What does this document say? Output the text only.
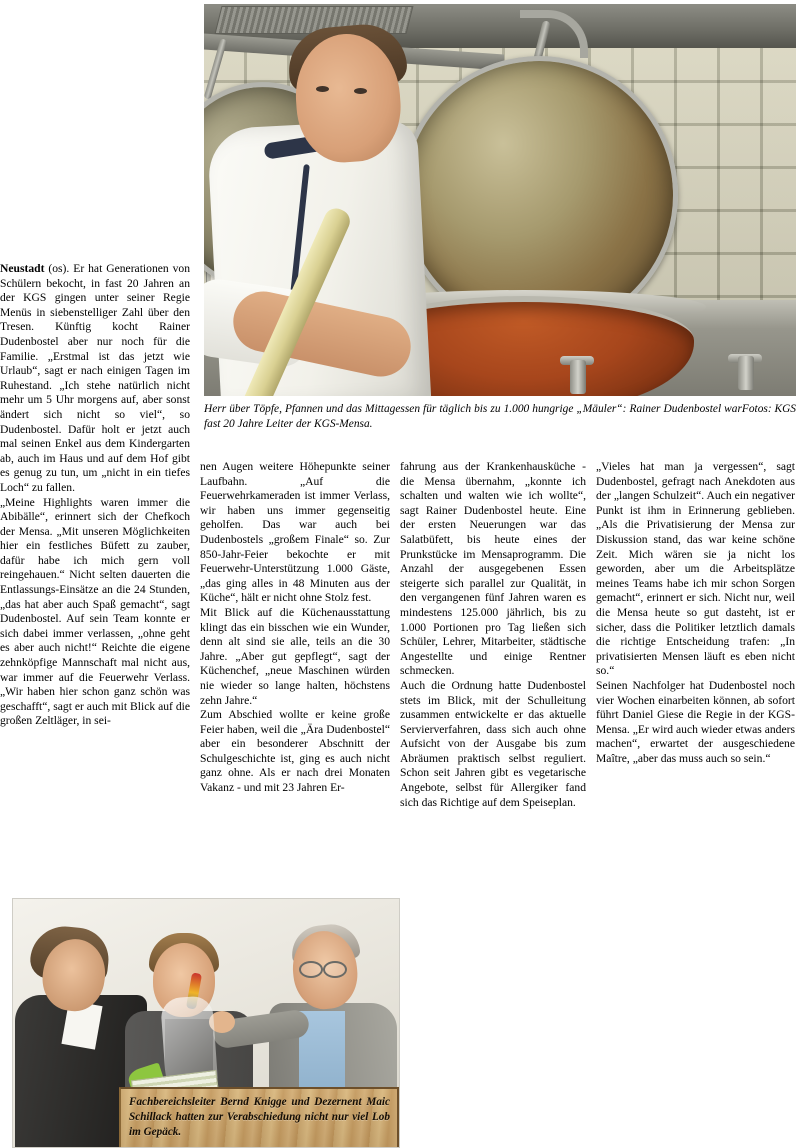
Fotos: KGS
Herr über Töpfe, Pfannen und das Mittagessen für täglich bis zu 1.000 hungrige „Mäuler“: Rainer Dudenbostel war fast 20 Jahre Leiter der KGS-Mensa.

Neustadt (os). Er hat Generationen von Schülern bekocht, in fast 20 Jahren an der KGS gingen unter seiner Regie Menüs in siebenstelliger Zahl über den Tresen. Künftig kocht Rainer Dudenbostel aber nur noch für die Familie. „Erstmal ist das jetzt wie Urlaub“, sagt er nach einigen Tagen im Ruhestand. „Ich stehe natürlich nicht mehr um 5 Uhr morgens auf, aber sonst ändert sich nicht so viel“, so Dudenbostel. Dafür holt er jetzt auch mal seinen Enkel aus dem Kindergarten ab, auch im Haus und auf dem Hof gibt es genug zu tun, um „nicht in ein tiefes Loch“ zu fallen.

„Meine Highlights waren immer die Abibälle“, erinnert sich der Chefkoch der Mensa. „Mit unseren Möglichkeiten hier ein festliches Büfett zu zauber, dafür habe ich mich gern voll reingehauen.“ Nicht selten dauerten die Entlassungs-Einsätze an die 24 Stunden, „das hat aber auch Spaß gemacht“, sagt Dudenbostel. Auf sein Team konnte er sich dabei immer verlassen, „ohne geht es aber auch nicht!“ Reichte die eigene zehnköpfige Mannschaft mal nicht aus, war immer auf die Feuerwehr Verlass. „Wir haben hier schon ganz schön was geschafft“, sagt er auch mit Blick auf die großen Zeltläger, in sei-

nen Augen weitere Höhepunkte seiner Laufbahn. „Auf die Feuerwehrkameraden ist immer Verlass, wir haben uns immer gegenseitig geholfen. Das war auch bei Dudenbostels „großem Finale“ so. Zur 850-Jahr-Feier bekochte er mit Feuerwehr-Unterstützung 1.000 Gäste, „das ging alles in 48 Minuten aus der Küche“, hält er nicht ohne Stolz fest.

Mit Blick auf die Küchenausstattung klingt das ein bisschen wie ein Wunder, denn alt sind sie alle, teils an die 30 Jahre. „Aber gut gepflegt“, sagt der Küchenchef, „neue Maschinen würden nie wieder so lange halten, höchstens zehn Jahre.“

Zum Abschied wollte er keine große Feier haben, weil die „Ära Dudenbostel“ aber ein besonderer Abschnitt der Schulgeschichte ist, ging es auch nicht ganz ohne. Als er nach drei Monaten Vakanz - und mit 23 Jahren Er-

fahrung aus der Krankenhausküche - die Mensa übernahm, „konnte ich schalten und walten wie ich wollte“, sagt Rainer Dudenbostel heute. Eine der ersten Neuerungen war das Salatbüfett, bis heute eines der Prunkstücke im Mensaprogramm. Die Anzahl der ausgegebenen Essen steigerte sich parallel zur Qualität, in den vergangenen fünf Jahren waren es mindestens 125.000 jährlich, bis zu 1.000 Portionen pro Tag ließen sich Schüler, Lehrer, Mitarbeiter, städtische Angestellte und einige Rentner schmecken.

Auch die Ordnung hatte Dudenbostel stets im Blick, mit der Schulleitung zusammen entwickelte er das aktuelle Servierverfahren, dass sich auch ohne Aufsicht von der Ausgabe bis zum Abräumen praktisch selbst reguliert. Schon seit Jahren gibt es vegetarische Angebote, selbst für Allergiker fand sich das Richtige auf dem Speiseplan.

„Vieles hat man ja vergessen“, sagt Dudenbostel, gefragt nach Anekdoten aus der „langen Schulzeit“. Auch ein negativer Punkt ist ihm in Erinnerung geblieben. „Als die Privatisierung der Mensa zur Diskussion stand, das war keine schöne Zeit. Mich wären sie ja nicht los geworden, aber um die Arbeitsplätze meines Teams habe ich mir schon Sorgen gemacht“, erinnert er sich. Nicht nur, weil die Mensa heute so gut dasteht, ist er sicher, dass die Politiker letztlich damals die richtige Entscheidung trafen: „In privatisierten Mensen läuft es eben nicht so.“

Seinen Nachfolger hat Dudenbostel noch vier Wochen einarbeiten können, ab sofort führt Daniel Giese die Regie in der KGS-Mensa. „Er wird auch wieder etwas anders machen“, erwartet der ausgeschiedene Maître, „aber das muss auch so sein.“

Fachbereichsleiter Bernd Knigge und Dezernent Maic Schillack hatten zur Verabschiedung nicht nur viel Lob im Gepäck.
